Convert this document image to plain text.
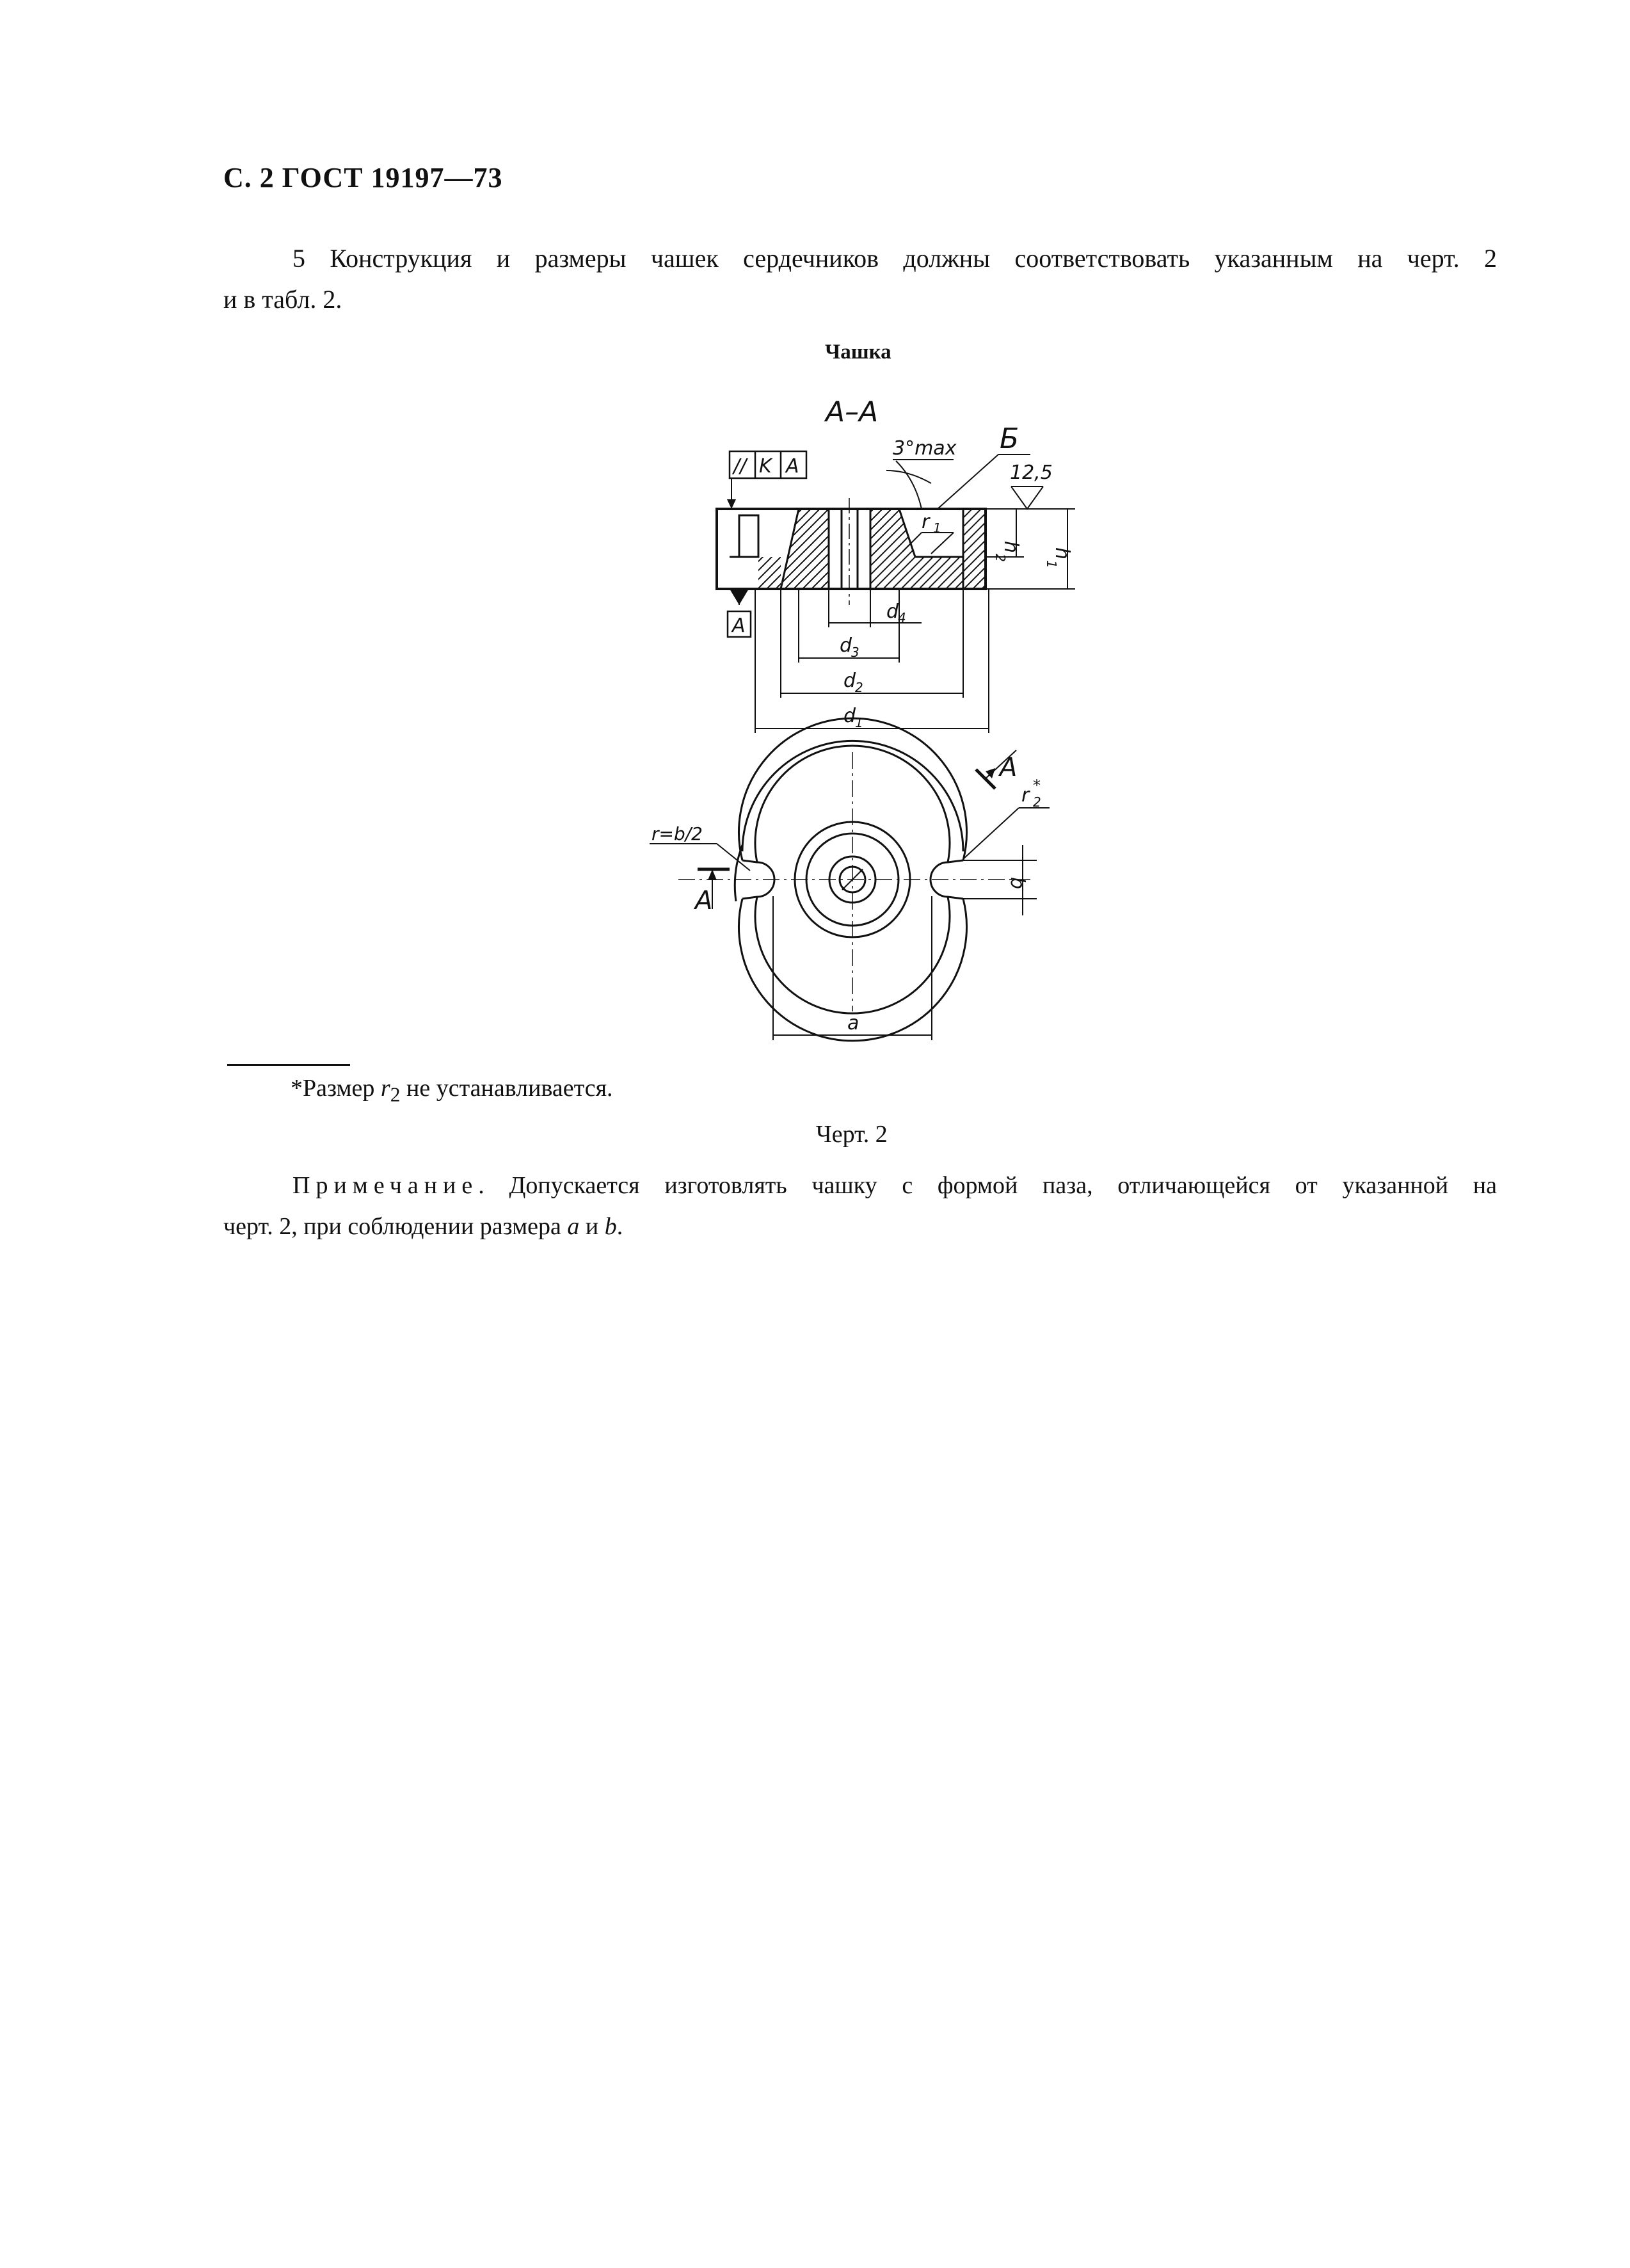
С. 2 ГОСТ 19197—73
5 Конструкция и размеры чашек сердечников должны соответствовать указанным на черт. 2
и в табл. 2.
Чашка
А–А
3°max Б
12,5
// K A
А
r 1
h
2 h
1
d
4
d
3
d
2
d
1
А
А
r 2
*
r=b/2
b
a
*Размер $r_2$ не устанавливается.
Черт. 2
Примечание. Допускается изготовлять чашку с формой паза, отличающейся от указанной на
черт. 2, при соблюдении размера a и b.
